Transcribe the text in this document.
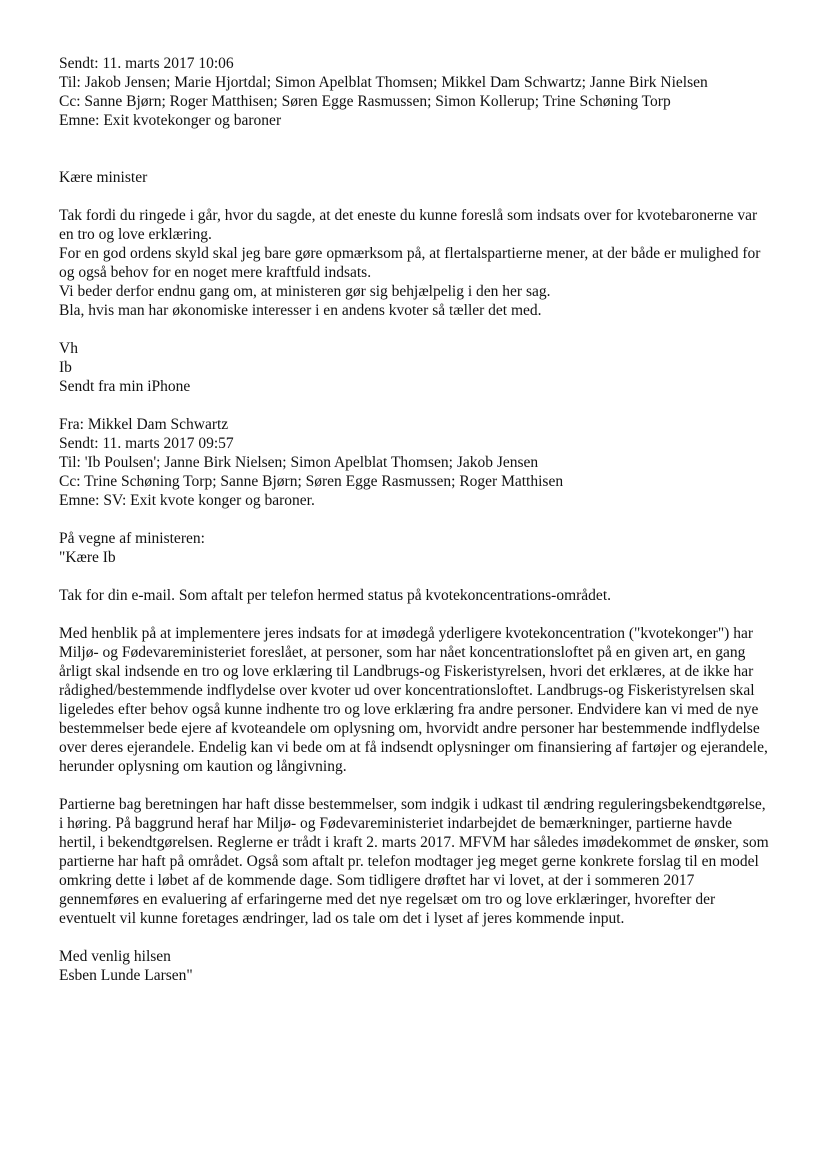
Sendt: 11. marts 2017 10:06
Til: Jakob Jensen; Marie Hjortdal; Simon Apelblat Thomsen; Mikkel Dam Schwartz; Janne Birk Nielsen
Cc: Sanne Bjørn; Roger Matthisen; Søren Egge Rasmussen; Simon Kollerup; Trine Schøning Torp
Emne: Exit kvotekonger og baroner
Kære minister
Tak fordi du ringede i går, hvor du sagde, at det eneste du kunne foreslå som indsats over for kvotebaronerne var
en tro og love erklæring.
For en god ordens skyld skal jeg bare gøre opmærksom på, at flertalspartierne mener, at der både er mulighed for
og også behov for en noget mere kraftfuld indsats.
Vi beder derfor endnu gang om, at ministeren gør sig behjælpelig i den her sag.
Bla, hvis man har økonomiske interesser i en andens kvoter så tæller det med.
Vh
Ib
Sendt fra min iPhone
Fra: Mikkel Dam Schwartz
Sendt: 11. marts 2017 09:57
Til: 'Ib Poulsen'; Janne Birk Nielsen; Simon Apelblat Thomsen; Jakob Jensen
Cc: Trine Schøning Torp; Sanne Bjørn; Søren Egge Rasmussen; Roger Matthisen
Emne: SV: Exit kvote konger og baroner.
På vegne af ministeren:
"Kære Ib
Tak for din e-mail. Som aftalt per telefon hermed status på kvotekoncentrations-området.
Med henblik på at implementere jeres indsats for at imødegå yderligere kvotekoncentration ("kvotekonger") har
Miljø- og Fødevareministeriet foreslået, at personer, som har nået koncentrationsloftet på en given art, en gang
årligt skal indsende en tro og love erklæring til Landbrugs-og Fiskeristyrelsen, hvori det erklæres, at de ikke har
rådighed/bestemmende indflydelse over kvoter ud over koncentrationsloftet. Landbrugs-og Fiskeristyrelsen skal
ligeledes efter behov også kunne indhente tro og love erklæring fra andre personer. Endvidere kan vi med de nye
bestemmelser bede ejere af kvoteandele om oplysning om, hvorvidt andre personer har bestemmende indflydelse
over deres ejerandele. Endelig kan vi bede om at få indsendt oplysninger om finansiering af fartøjer og ejerandele,
herunder oplysning om kaution og långivning.
Partierne bag beretningen har haft disse bestemmelser, som indgik i udkast til ændring reguleringsbekendtgørelse,
i høring. På baggrund heraf har Miljø- og Fødevareministeriet indarbejdet de bemærkninger, partierne havde
hertil, i bekendtgørelsen. Reglerne er trådt i kraft 2. marts 2017. MFVM har således imødekommet de ønsker, som
partierne har haft på området. Også som aftalt pr. telefon modtager jeg meget gerne konkrete forslag til en model
omkring dette i løbet af de kommende dage. Som tidligere drøftet har vi lovet, at der i sommeren 2017
gennemføres en evaluering af erfaringerne med det nye regelsæt om tro og love erklæringer, hvorefter der
eventuelt vil kunne foretages ændringer, lad os tale om det i lyset af jeres kommende input.
Med venlig hilsen
Esben Lunde Larsen"
